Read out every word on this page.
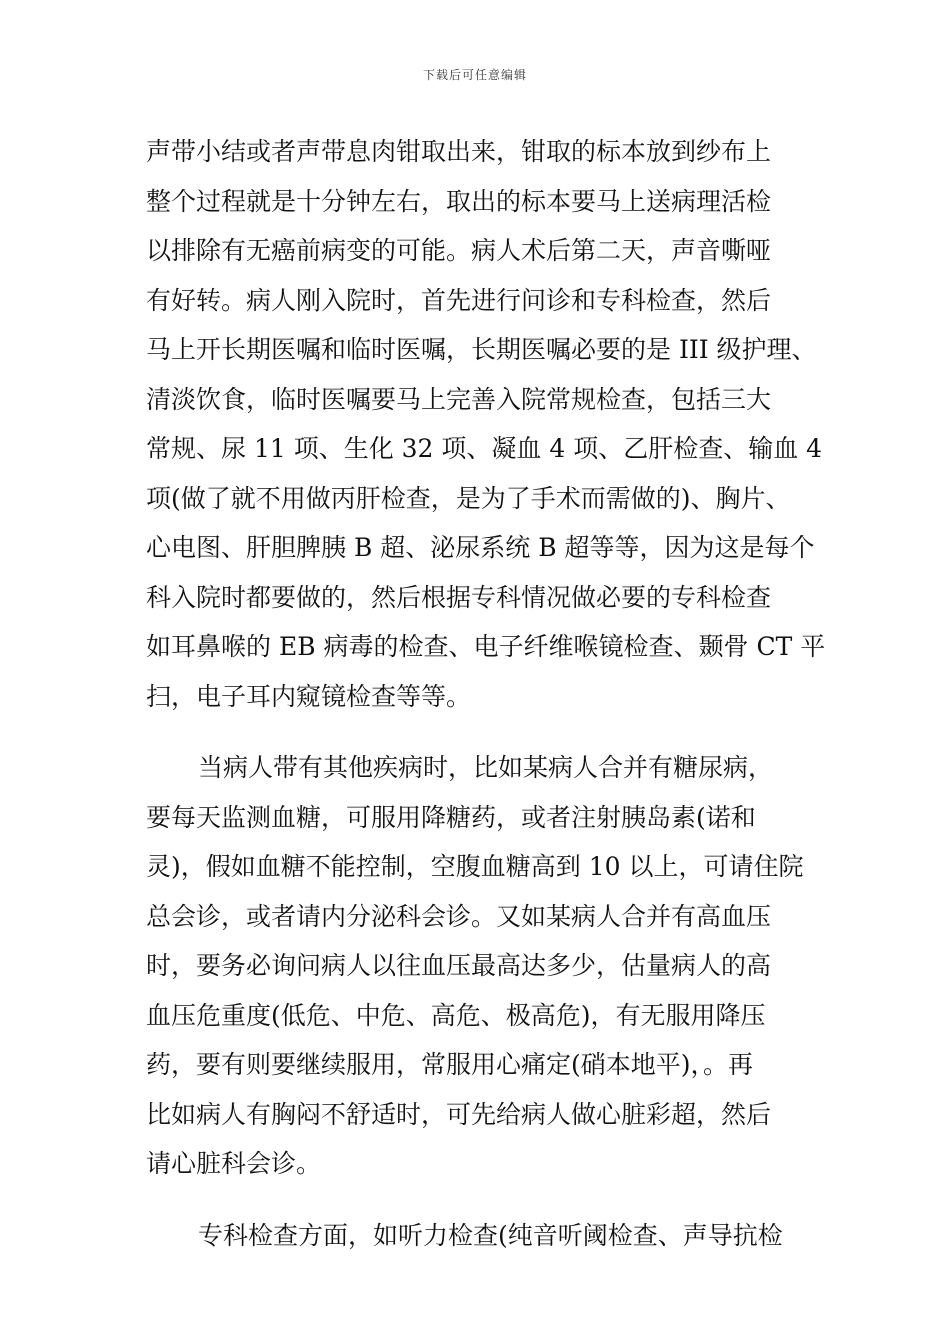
下载后可任意编辑
声带小结或者声带息肉钳取出来，钳取的标本放到纱布上
整个过程就是十分钟左右，取出的标本要马上送病理活检
以排除有无癌前病变的可能。病人术后第二天，声音嘶哑
有好转。病人刚入院时，首先进行问诊和专科检查，然后
马上开长期医嘱和临时医嘱，长期医嘱必要的是 III 级护理、
清淡饮食，临时医嘱要马上完善入院常规检查，包括三大
常规、尿 11 项、生化 32 项、凝血 4 项、乙肝检查、输血 4
项(做了就不用做丙肝检查，是为了手术而需做的)、胸片、
心电图、肝胆脾胰 B 超、泌尿系统 B 超等等，因为这是每个
科入院时都要做的，然后根据专科情况做必要的专科检查
如耳鼻喉的 EB 病毒的检查、电子纤维喉镜检查、颞骨 CT 平
扫，电子耳内窥镜检查等等。
当病人带有其他疾病时，比如某病人合并有糖尿病，
要每天监测血糖，可服用降糖药，或者注射胰岛素(诺和
灵)，假如血糖不能控制，空腹血糖高到 10 以上，可请住院
总会诊，或者请内分泌科会诊。又如某病人合并有高血压
时，要务必询问病人以往血压最高达多少，估量病人的高
血压危重度(低危、中危、高危、极高危)，有无服用降压
药，要有则要继续服用，常服用心痛定(硝本地平)，。再
比如病人有胸闷不舒适时，可先给病人做心脏彩超，然后
请心脏科会诊。
专科检查方面，如听力检查(纯音听阈检查、声导抗检
